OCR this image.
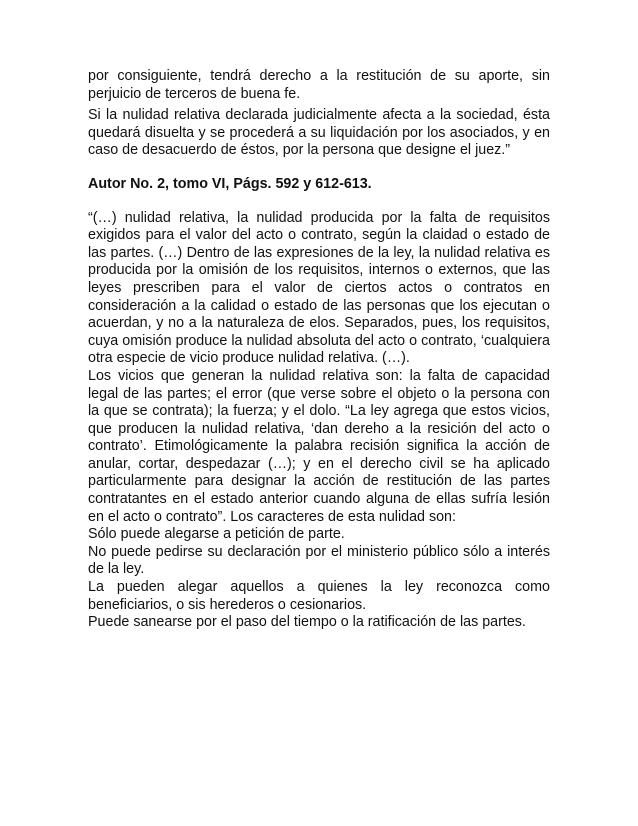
por consiguiente, tendrá derecho a la restitución de su aporte, sin perjuicio de terceros de buena fe.

Si la nulidad relativa declarada judicialmente afecta a la sociedad, ésta quedará disuelta y se procederá a su liquidación por los asociados, y en caso de desacuerdo de éstos, por la persona que designe el juez.”

Autor No. 2, tomo VI, Págs. 592 y 612-613.

“(…) nulidad relativa, la nulidad producida por la falta de requisitos exigidos para el valor del acto o contrato, según la claidad o estado de las partes. (…) Dentro de las expresiones de la ley, la nulidad relativa es producida por la omisión de los requisitos, internos o externos, que las leyes prescriben para el valor de ciertos actos o contratos en consideración a la calidad o estado de las personas que los ejecutan o acuerdan, y no a la naturaleza de elos. Separados, pues, los requisitos, cuya omisión produce la nulidad absoluta del acto o contrato, ‘cualquiera otra especie de vicio produce nulidad relativa. (…).

Los vicios que generan la nulidad relativa son: la falta de capacidad legal de las partes; el error (que verse sobre el objeto o la persona con la que se contrata); la fuerza; y el dolo. “La ley agrega que estos vicios, que producen la nulidad relativa, ‘dan dereho a la resición del acto o contrato’. Etimológicamente la palabra recisión significa la acción de anular, cortar, despedazar (…); y en el derecho civil se ha aplicado particularmente para designar la acción de restitución de las partes contratantes en el estado anterior cuando alguna de ellas sufría lesión en el acto o contrato”. Los caracteres de esta nulidad son:

Sólo puede alegarse a petición de parte.

No puede pedirse su declaración por el ministerio público sólo a interés de la ley.

La pueden alegar aquellos a quienes la ley reconozca como beneficiarios, o sis herederos o cesionarios.

Puede sanearse por el paso del tiempo o la ratificación de las partes.
